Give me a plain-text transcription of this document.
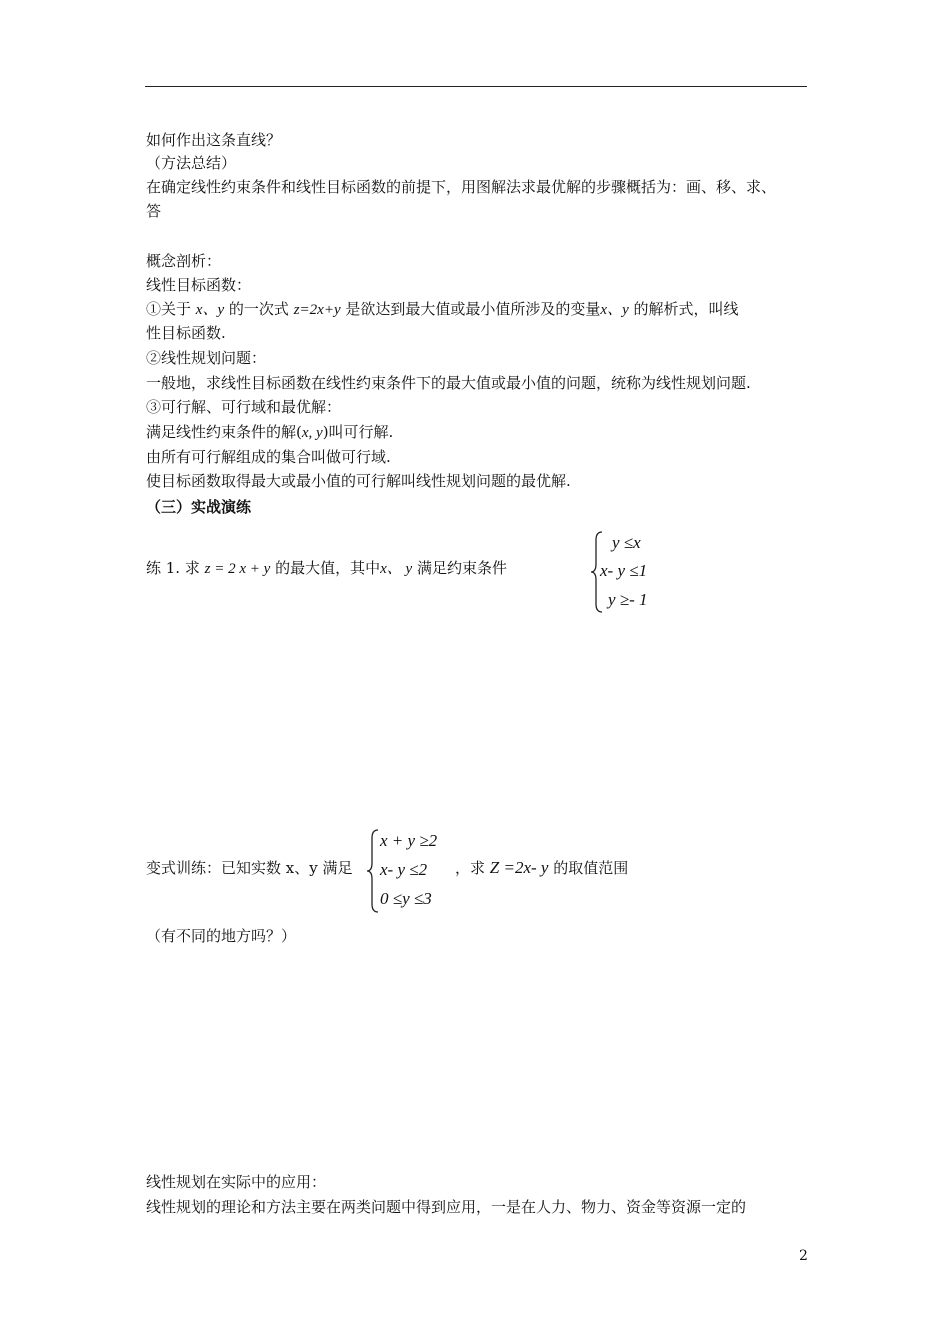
如何作出这条直线？
（方法总结）
在确定线性约束条件和线性目标函数的前提下，用图解法求最优解的步骤概括为：画、移、求、
答
概念剖析：
线性目标函数：
①关于 x、y 的一次式 z=2x+y 是欲达到最大值或最小值所涉及的变量x、y 的解析式，叫线
性目标函数.
②线性规划问题：
一般地，求线性目标函数在线性约束条件下的最大值或最小值的问题，统称为线性规划问题.
③可行解、可行域和最优解：
满足线性约束条件的解(x, y)叫可行解.
由所有可行解组成的集合叫做可行域.
使目标函数取得最大或最小值的可行解叫线性规划问题的最优解.
（三）实战演练
练 1. 求 z = 2 x + y 的最大值，其中x、 y 满足约束条件
y ≤x
x- y ≤1
y ≥- 1
变式训练：已知实数 x、y 满足
x + y ≥2
x- y ≤2
0 ≤y ≤3
，求 Z =2x- y 的取值范围
（有不同的地方吗？）
线性规划在实际中的应用：
线性规划的理论和方法主要在两类问题中得到应用，一是在人力、物力、资金等资源一定的
2
